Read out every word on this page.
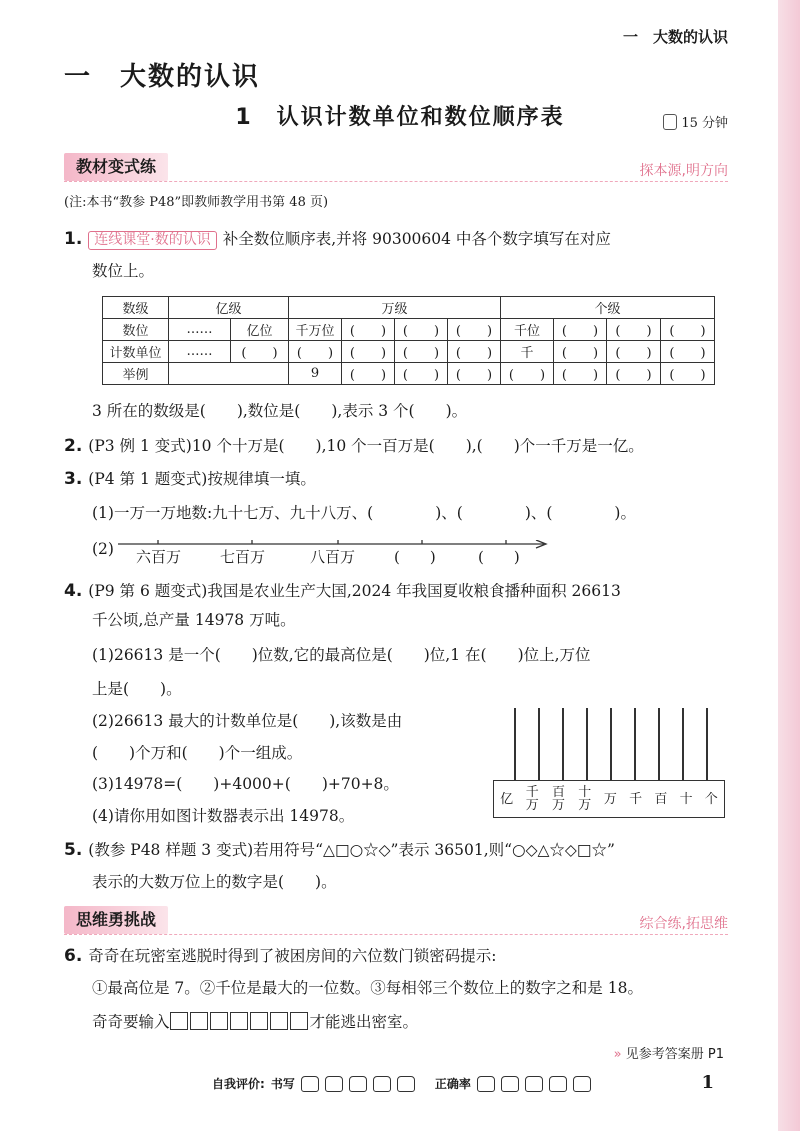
一　大数的认识
一　大数的认识
1　认识计数单位和数位顺序表	15 分钟
教材变式练	探本源,明方向
(注:本书“教参 P48”即教师教学用书第 48 页)
1. 连线课堂·数的认识 补全数位顺序表,并将 90300604 中各个数字填写在对应
数位上。
数级	亿级		万级				个级			
数位	……	亿位	千万位	(　　)	(　　)	(　　)	千位	(　　)	(　　)	(　　)
计数单位	……	(　　)	(　　)	(　　)	(　　)	(　　)	千	(　　)	(　　)	(　　)
举例			9	(　　)	(　　)	(　　)	(　　)	(　　)	(　　)	(　　)
3 所在的数级是(　　),数位是(　　),表示 3 个(　　)。
2. (P3 例 1 变式)10 个十万是(　　),10 个一百万是(　　),(　　)个一千万是一亿。
3. (P4 第 1 题变式)按规律填一填。
(1)一万一万地数:九十七万、九十八万、(　　　　)、(　　　　)、(　　　　)。
(2) 六百万	七百万	八百万	(　　)	(　　)
4. (P9 第 6 题变式)我国是农业生产大国,2024 年我国夏收粮食播种面积 26613
千公顷,总产量 14978 万吨。
(1)26613 是一个(　　)位数,它的最高位是(　　)位,1 在(　　)位上,万位
上是(　　)。
(2)26613 最大的计数单位是(　　),该数是由
(　　)个万和(　　)个一组成。
(3)14978=(　　)+4000+(　　)+70+8。
(4)请你用如图计数器表示出 14978。
亿 千万
百万
十万 万 千 百 十 个
5. (教参 P48 样题 3 变式)若用符号“△□○☆◇”表示 36501,则“○◇△☆◇□☆”
表示的大数万位上的数字是(　　)。
思维勇挑战	综合练,拓思维
6. 奇奇在玩密室逃脱时得到了被困房间的六位数门锁密码提示:
①最高位是 7。②千位是最大的一位数。③每相邻三个数位上的数字之和是 18。
奇奇要输入	才能逃出密室。
» 见参考答案册 P1
自我评价: 书写	正确率	1
